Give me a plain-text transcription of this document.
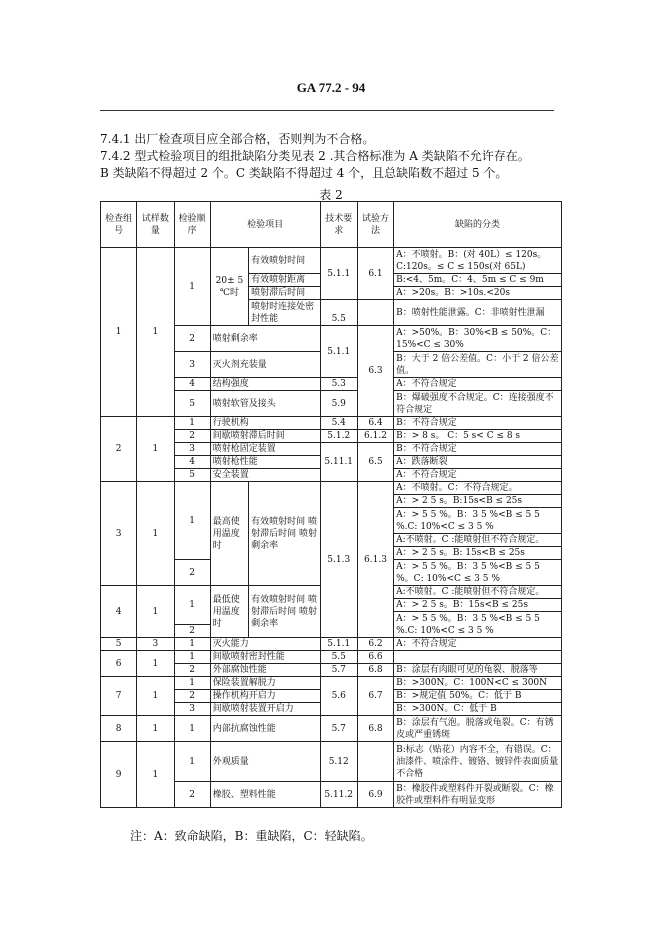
GA 77.2 - 94
7.4.1 出厂检查项目应全部合格，否则判为不合格。
7.4.2 型式检验项目的组批缺陷分类见表 2 .其合格标准为 A 类缺陷不允许存在。
B 类缺陷不得超过 2 个。C 类缺陷不得超过 4 个，且总缺陷数不超过 5 个。
表 2
检查组号	试样数量	检验顺序	检验项目		技术要求	试验方法	缺陷的分类
1	1	1	20± 5 ℃时	有效喷射时间	5.1.1	6.1	A：不喷射。B：(对 40L）≤ 120s。C:120s。≤ C ≤ 150s(对 65L)
				有效喷射距离			B:<4、5m。C：4、5m ≤ C ≤ 9m
				喷射滞后时间			A：>20s。B：>10s.<20s
				喷射时连接处密封性能	5.5		B：喷射性能泄露。C：非喷射性泄漏
		2	喷射剩余率		5.1.1	6.3	A：>50%。B：30%<B ≤ 50%。C：15%<C ≤ 30%
		3	灭火剂充装量				B：大于 2 倍公差值。C：小于 2 倍公差值。
		4	结构强度		5.3		A：不符合规定
		5	喷射软管及接头		5.9		B：爆破强度不合规定。C：连接强度不符合规定
2	1	1	行驶机构		5.4	6.4	B：不符合规定
		2	间歇喷射滞后时间		5.1.2	6.1.2	B：> 8 s。 C：5 s< C ≤ 8 s
		3	喷射枪固定装置		5.11.1	6.5	B：不符合规定
		4	喷射枪性能				A：跌落断裂
		5	安全装置				A：不符合规定
3	1	1	最高使用温度时	有效喷射时间 喷射滞后时间 喷射剩余率	5.1.3	6.1.3	A：不喷射。C：不符合规定。
							A：> 2 5 s。B:15s<B ≤ 25s
							A：> 5 5 %。B：3 5 %<B ≤ 5 5 %.C: 10%<C ≤ 3 5 %
							A:不喷射。C :能喷射但不符合规定。
							A：> 2 5 s。B: 15s<B ≤ 25s
		2					A：> 5 5 %。B：3 5 %<B ≤ 5 5 %。C: 10%<C ≤ 3 5 %
4	1	1	最低使用温度时	有效喷射时间 喷射滞后时间 喷射剩余率			A:不喷射。C :能喷射但不符合规定。
							A：> 2 5 s。B：15s<B ≤ 25s
							A：> 5 5 %。B：3 5 %<B ≤ 5 5 %.C: 10%<C ≤ 3 5 %
		2					
5	3	1	灭火能力		5.1.1	6.2	A：不符合规定
6	1	1	间歇喷射密封性能		5.5	6.6	
		2	外部腐蚀性能		5.7	6.8	B：涂层有肉眼可见的龟裂、脱落等
7	1	1	保险装置解脱力		5.6	6.7	B：>300N。C：100N<C ≤ 300N
		2	操作机构开启力				B：>规定值 50%。C：低于 B
		3	间歇喷射装置开启力				B：>300N。C：低于 B
8	1	1	内部抗腐蚀性能		5.7	6.8	B：涂层有气泡。脱落或龟裂。C：有锈皮或严重锈斑
9	1	1	外观质量		5.12		B:标志（贴花）内容不全，有错误。C：油漆件、喷涂件、镀铬、镀锌件表面质量不合格
		2	橡胶、塑料性能		5.11.2	6.9	B：橡胶件或塑料件开裂或断裂。C：橡胶件或塑料件有明显变形
注：A：致命缺陷，B：重缺陷，C：轻缺陷。
